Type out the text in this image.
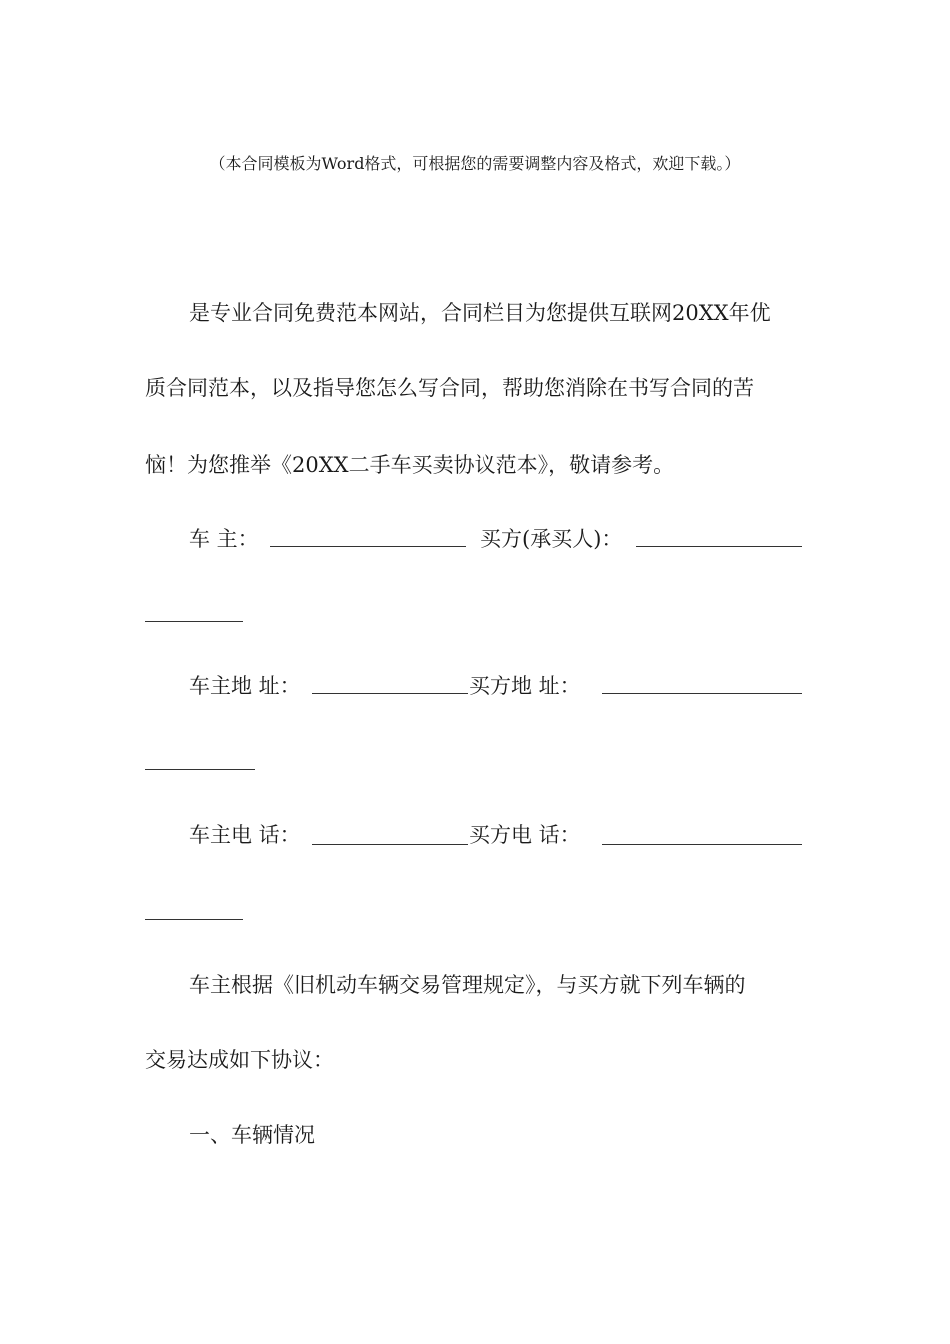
（本合同模板为Word格式，可根据您的需要调整内容及格式，欢迎下载。）
是专业合同免费范本网站，合同栏目为您提供互联网20XX年优
质合同范本，以及指导您怎么写合同，帮助您消除在书写合同的苦
恼！为您推举《20XX二手车买卖协议范本》，敬请参考。
车 主：	买方(承买人)：
车主地 址：	买方地 址：
车主电 话：	买方电 话：
车主根据《旧机动车辆交易管理规定》，与买方就下列车辆的
交易达成如下协议：
一、车辆情况
